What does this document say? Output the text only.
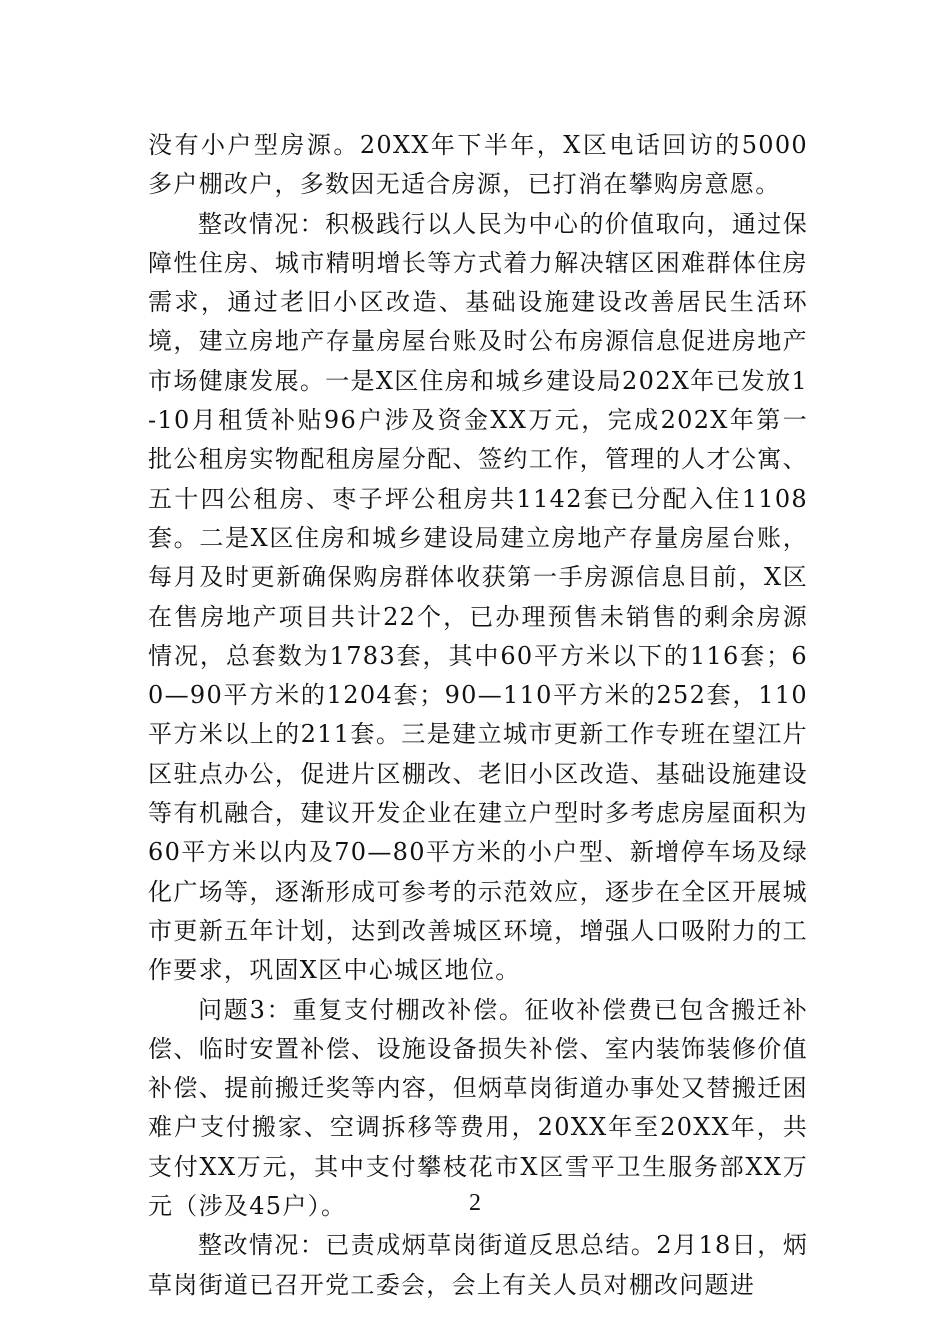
没有小户型房源。20XX年下半年，X区电话回访的5000多户棚改户，多数因无适合房源，已打消在攀购房意愿。

整改情况：积极践行以人民为中心的价值取向，通过保障性住房、城市精明增长等方式着力解决辖区困难群体住房需求，通过老旧小区改造、基础设施建设改善居民生活环境，建立房地产存量房屋台账及时公布房源信息促进房地产市场健康发展。一是X区住房和城乡建设局202X年已发放1-10月租赁补贴96户涉及资金XX万元，完成202X年第一批公租房实物配租房屋分配、签约工作，管理的人才公寓、五十四公租房、枣子坪公租房共1142套已分配入住1108套。二是X区住房和城乡建设局建立房地产存量房屋台账，每月及时更新确保购房群体收获第一手房源信息目前，X区在售房地产项目共计22个，已办理预售未销售的剩余房源情况，总套数为1783套，其中60平方米以下的116套；60—90平方米的1204套；90—110平方米的252套，110平方米以上的211套。三是建立城市更新工作专班在望江片区驻点办公，促进片区棚改、老旧小区改造、基础设施建设等有机融合，建议开发企业在建立户型时多考虑房屋面积为60平方米以内及70—80平方米的小户型、新增停车场及绿化广场等，逐渐形成可参考的示范效应，逐步在全区开展城市更新五年计划，达到改善城区环境，增强人口吸附力的工作要求，巩固X区中心城区地位。

问题3：重复支付棚改补偿。征收补偿费已包含搬迁补偿、临时安置补偿、设施设备损失补偿、室内装饰装修价值补偿、提前搬迁奖等内容，但炳草岗街道办事处又替搬迁困难户支付搬家、空调拆移等费用，20XX年至20XX年，共支付XX万元，其中支付攀枝花市X区雪平卫生服务部XX万元（涉及45户）。

整改情况：已责成炳草岗街道反思总结。2月18日，炳草岗街道已召开党工委会，会上有关人员对棚改问题进

2
